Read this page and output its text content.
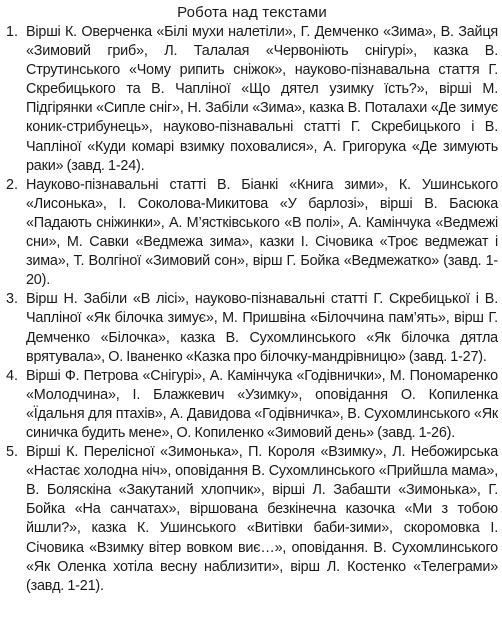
Робота над текстами
1. Вірші К. Оверченка «Білі мухи налетіли», Г. Демченко «Зима», В. Зайця «Зимовий гриб», Л. Талалая «Червоніють снігурі», казка В. Струтинського «Чому рипить сніжок», науково-пізнавальна стаття Г. Скребицького та В. Чапліної «Що дятел узимку їсть?», вірші М. Підгірянки «Сипле сніг», Н. Забіли «Зима», казка В. Поталахи «Де зимує коник-стрибунець», науково-пізнавальні статті Г. Скребицького і В. Чапліної «Куди комарі взимку поховалися», А. Григорука «Де зимують раки» (завд. 1-24).
2. Науково-пізнавальні статті В. Біанкі «Книга зими», К. Ушинського «Лисонька», І. Соколова-Микитова «У барлозі», вірші В. Басюка «Падають сніжинки», А. М’ястківського «В полі», А. Камінчука «Ведмежі сни», М. Савки «Ведмежа зима», казки І. Січовика «Троє ведмежат і зима», Т. Волгіної «Зимовий сон», вірш Г. Бойка «Ведмежатко» (завд. 1-20).
3. Вірш Н. Забіли «В лісі», науково-пізнавальні статті Г. Скребицької і В. Чапліної «Як білочка зимує», М. Пришвіна «Білоччина пам’ять», вірш Г. Демченко «Білочка», казка В. Сухомлинського «Як білочка дятла врятувала», О. Іваненко «Казка про білочку-мандрівницю» (завд. 1-27).
4. Вірші Ф. Петрова «Снігурі», А. Камінчука «Годівнички», М. Пономаренко «Молодчина», І. Блажкевич «Узимку», оповідання О. Копиленка «Їдальня для птахів», А. Давидова «Годівничка», В. Сухомлинського «Як синичка будить мене», О. Копиленко «Зимовий день» (завд. 1-26).
5. Вірші К. Перелісної «Зимонька», П. Короля «Взимку», Л. Небожирська «Настає холодна ніч», оповідання В. Сухомлинського «Прийшла мама», В. Боляскіна «Закутаний хлопчик», вірші Л. Забашти «Зимонька», Г. Бойка «На санчатах», віршована безкінечна казочка «Ми з тобою йшли?», казка К. Ушинського «Витівки баби-зими», скоромовка І. Січовика «Взимку вітер вовком виє…», оповідання. В. Сухомлинського «Як Оленка хотіла весну наблизити», вірш Л. Костенко «Телеграми» (завд. 1-21).
